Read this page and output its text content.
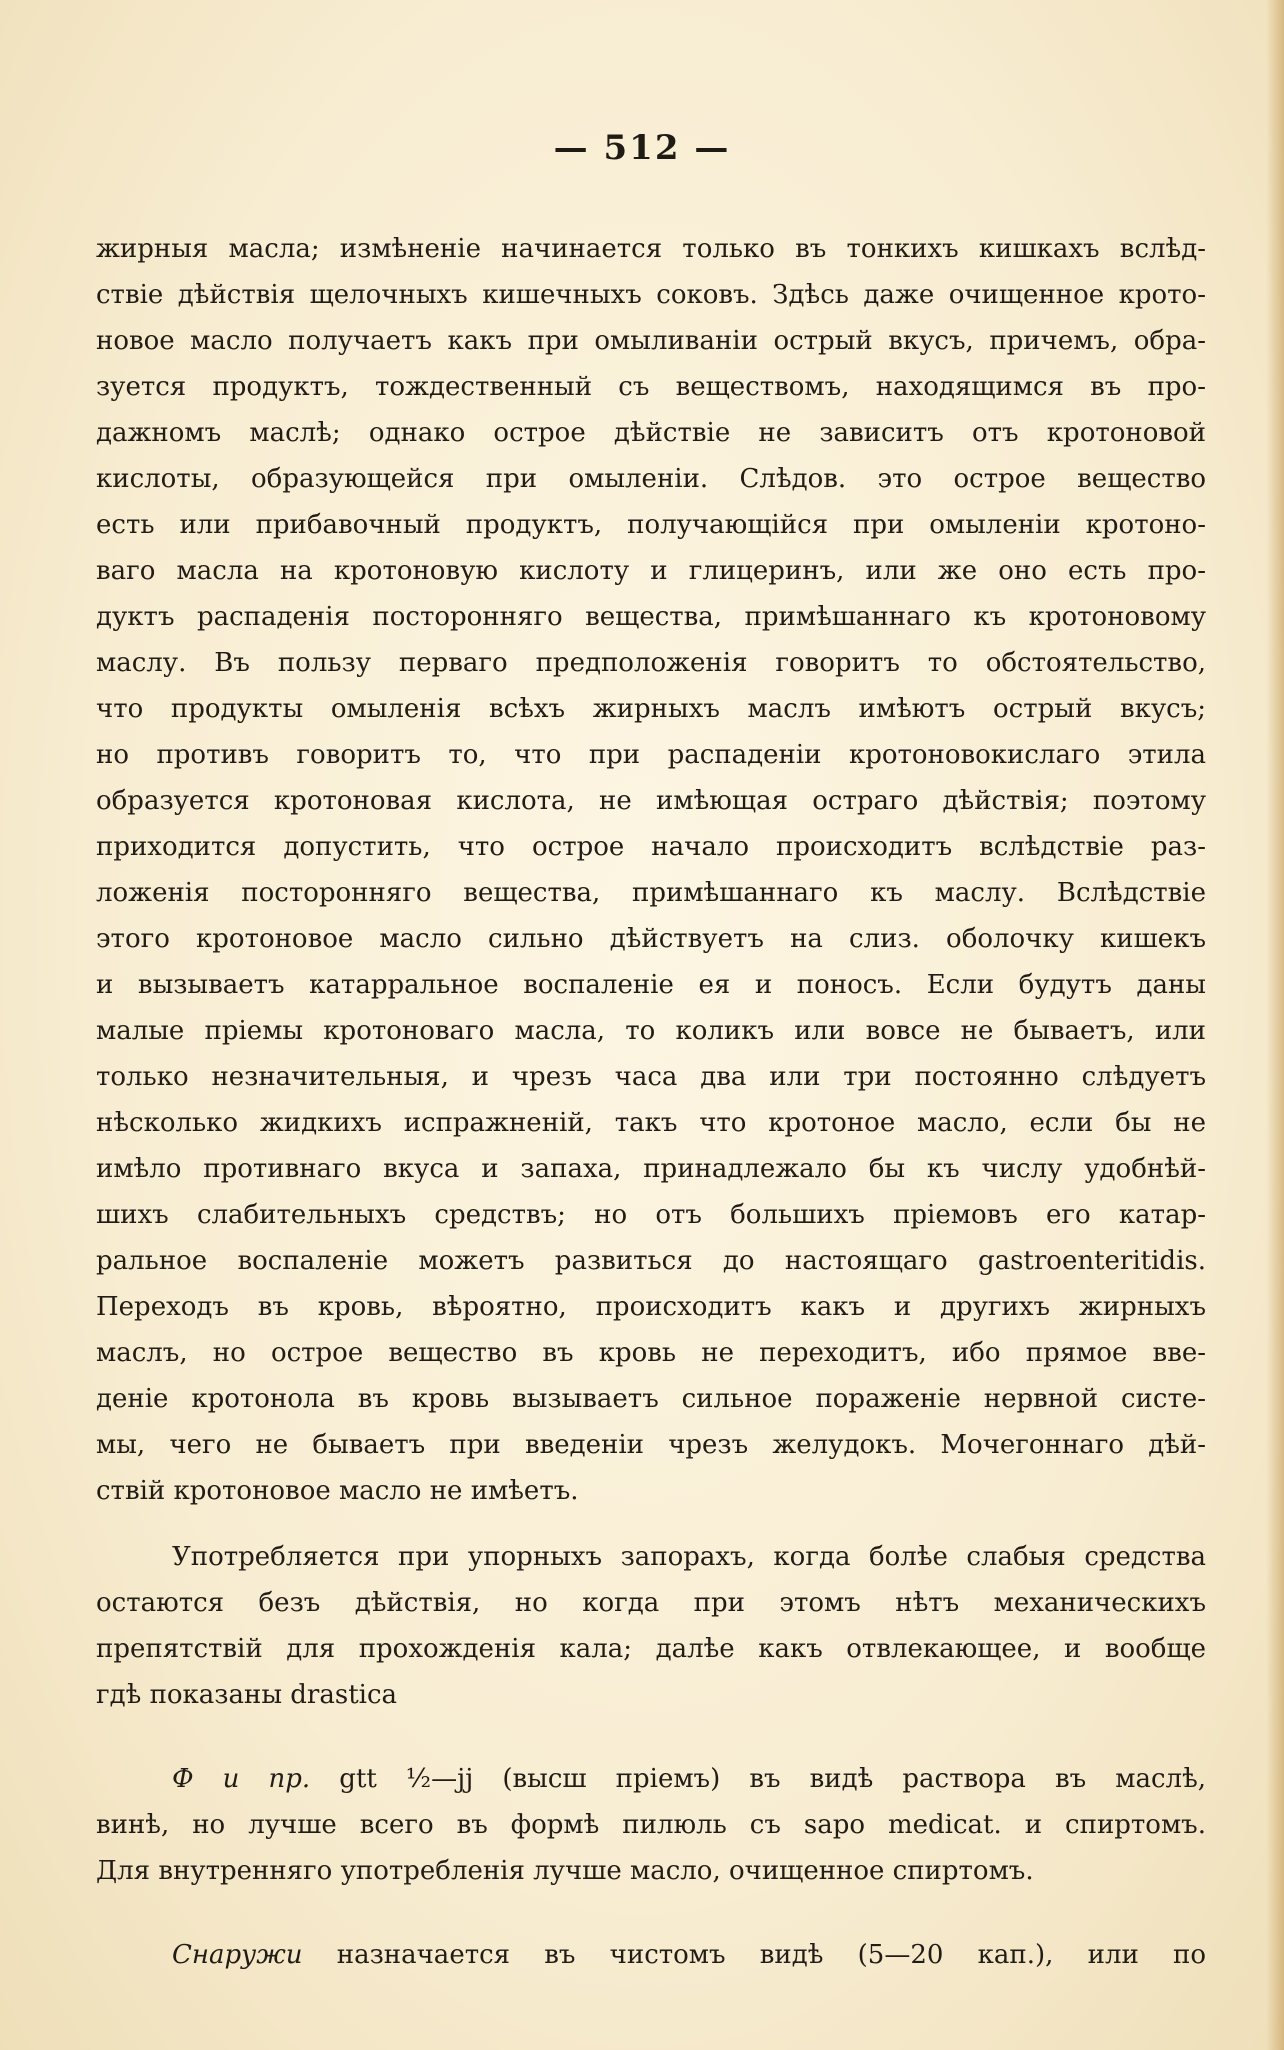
— 512 —
жирныя масла; измѣненіе начинается только въ тонкихъ кишкахъ вслѣд-
ствіе дѣйствія щелочныхъ кишечныхъ соковъ. Здѣсь даже очищенное крото-
новое масло получаетъ какъ при омыливаніи острый вкусъ, причемъ, обра-
зуется продуктъ, тождественный съ веществомъ, находящимся въ про-
дажномъ маслѣ; однако острое дѣйствіе не зависитъ отъ кротоновой
кислоты, образующейся при омыленіи. Слѣдов. это острое вещество
есть или прибавочный продуктъ, получающійся при омыленіи кротоно-
ваго масла на кротоновую кислоту и глицеринъ, или же оно есть про-
дуктъ распаденія посторонняго вещества, примѣшаннаго къ кротоновому
маслу. Въ пользу перваго предположенія говоритъ то обстоятельство,
что продукты омыленія всѣхъ жирныхъ маслъ имѣютъ острый вкусъ;
но противъ говоритъ то, что при распаденіи кротоновокислаго этила
образуется кротоновая кислота, не имѣющая остраго дѣйствія; поэтому
приходится допустить, что острое начало происходитъ вслѣдствіе раз-
ложенія посторонняго вещества, примѣшаннаго къ маслу. Вслѣдствіе
этого кротоновое масло сильно дѣйствуетъ на слиз. оболочку кишекъ
и вызываетъ катарральное воспаленіе ея и поносъ. Если будутъ даны
малые пріемы кротоноваго масла, то коликъ или вовсе не бываетъ, или
только незначительныя, и чрезъ часа два или три постоянно слѣдуетъ
нѣсколько жидкихъ испражненій, такъ что кротоное масло, если бы не
имѣло противнаго вкуса и запаха, принадлежало бы къ числу удобнѣй-
шихъ слабительныхъ средствъ; но отъ большихъ пріемовъ его катар-
ральное воспаленіе можетъ развиться до настоящаго gastroenteritidis.
Переходъ въ кровь, вѣроятно, происходитъ какъ и другихъ жирныхъ
маслъ, но острое вещество въ кровь не переходитъ, ибо прямое вве-
деніе кротонола въ кровь вызываетъ сильное пораженіе нервной систе-
мы, чего не бываетъ при введеніи чрезъ желудокъ. Мочегоннаго дѣй-
ствій кротоновое масло не имѣетъ.
Употребляется при упорныхъ запорахъ, когда болѣе слабыя средства
остаются безъ дѣйствія, но когда при этомъ нѣтъ механическихъ
препятствій для прохожденія кала; далѣе какъ отвлекающее, и вообще
гдѣ показаны drastica
Ф и пр. gtt ½—jj (высш пріемъ) въ видѣ раствора въ маслѣ,
винѣ, но лучше всего въ формѣ пилюль съ sapo medicat. и спиртомъ.
Для внутренняго употребленія лучше масло, очищенное спиртомъ.
Снаружи назначается въ чистомъ видѣ (5—20 кап.), или по
